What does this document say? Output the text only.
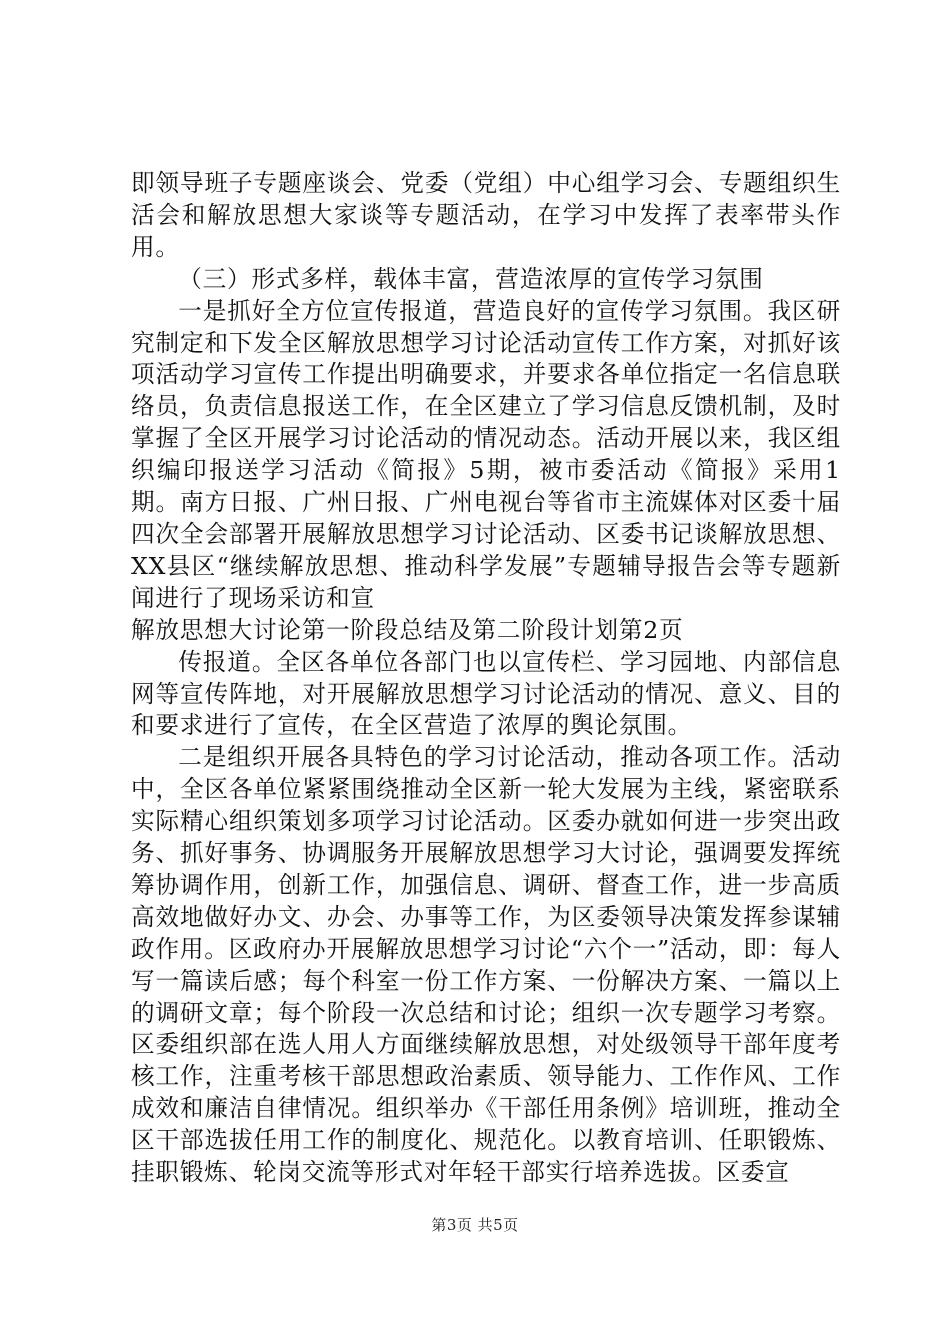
即领导班子专题座谈会、党委（党组）中心组学习会、专题组织生活会和解放思想大家谈等专题活动，在学习中发挥了表率带头作用。

（三）形式多样，载体丰富，营造浓厚的宣传学习氛围

一是抓好全方位宣传报道，营造良好的宣传学习氛围。我区研究制定和下发全区解放思想学习讨论活动宣传工作方案，对抓好该项活动学习宣传工作提出明确要求，并要求各单位指定一名信息联络员，负责信息报送工作，在全区建立了学习信息反馈机制，及时掌握了全区开展学习讨论活动的情况动态。活动开展以来，我区组织编印报送学习活动《简报》5期，被市委活动《简报》采用1期。南方日报、广州日报、广州电视台等省市主流媒体对区委十届四次全会部署开展解放思想学习讨论活动、区委书记谈解放思想、XX县区“继续解放思想、推动科学发展”专题辅导报告会等专题新闻进行了现场采访和宣

解放思想大讨论第一阶段总结及第二阶段计划第2页

传报道。全区各单位各部门也以宣传栏、学习园地、内部信息网等宣传阵地，对开展解放思想学习讨论活动的情况、意义、目的和要求进行了宣传，在全区营造了浓厚的舆论氛围。

二是组织开展各具特色的学习讨论活动，推动各项工作。活动中，全区各单位紧紧围绕推动全区新一轮大发展为主线，紧密联系实际精心组织策划多项学习讨论活动。区委办就如何进一步突出政务、抓好事务、协调服务开展解放思想学习大讨论，强调要发挥统筹协调作用，创新工作，加强信息、调研、督查工作，进一步高质高效地做好办文、办会、办事等工作，为区委领导决策发挥参谋辅政作用。区政府办开展解放思想学习讨论“六个一”活动，即：每人写一篇读后感；每个科室一份工作方案、一份解决方案、一篇以上的调研文章；每个阶段一次总结和讨论；组织一次专题学习考察。区委组织部在选人用人方面继续解放思想，对处级领导干部年度考核工作，注重考核干部思想政治素质、领导能力、工作作风、工作成效和廉洁自律情况。组织举办《干部任用条例》培训班，推动全区干部选拔任用工作的制度化、规范化。以教育培训、任职锻炼、挂职锻炼、轮岗交流等形式对年轻干部实行培养选拔。区委宣

第3页 共5页
